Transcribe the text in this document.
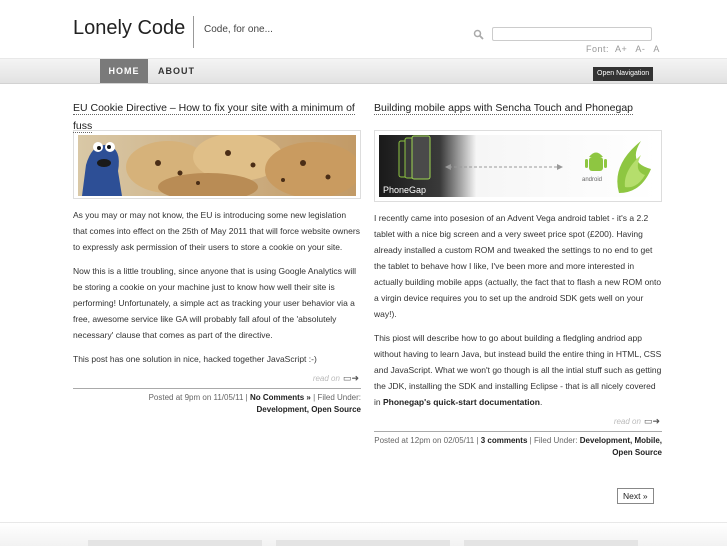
Lonely Code Code, for one...
Font: A+ A- A
HOME	ABOUT	Open Navigation
EU Cookie Directive – How to fix your site with a minimum of fuss

As you may or may not know, the EU is introducing some new legislation that comes into effect on the 25th of May 2011 that will force website owners to expressly ask permission of their users to store a cookie on your site.

Now this is a little troubling, since anyone that is using Google Analytics will be storing a cookie on your machine just to know how well their site is performing! Unfortunately, a simple act as tracking your user behavior via a free, awesome service like GA will probably fall afoul of the 'absolutely necessary' clause that comes as part of the directive.

This post has one solution in nice, hacked together JavaScript :-)

read on ▭➜
Posted at 9pm on 11/05/11 | No Comments » | Filed Under:
Development, Open Source
Building mobile apps with Sencha Touch and Phonegap
PhoneGap
android

I recently came into posesion of an Advent Vega android tablet - it's a 2.2 tablet with a nice big screen and a very sweet price spot (£200). Having already installed a custom ROM and tweaked the settings to no end to get the tablet to behave how I like, I've been more and more interested in actually building mobile apps (actually, the fact that to flash a new ROM onto a virgin device requires you to set up the android SDK gets well on your way!).

This piost will describe how to go about building a fledgling andriod app without having to learn Java, but instead build the entire thing in HTML, CSS and JavaScript. What we won't go though is all the intial stuff such as getting the JDK, installing the SDK and installing Eclipse - that is all nicely covered in Phonegap's quick-start documentation.

read on ▭➜
Posted at 12pm on 02/05/11 | 3 comments | Filed Under: Development, Mobile, Open Source
Next »
